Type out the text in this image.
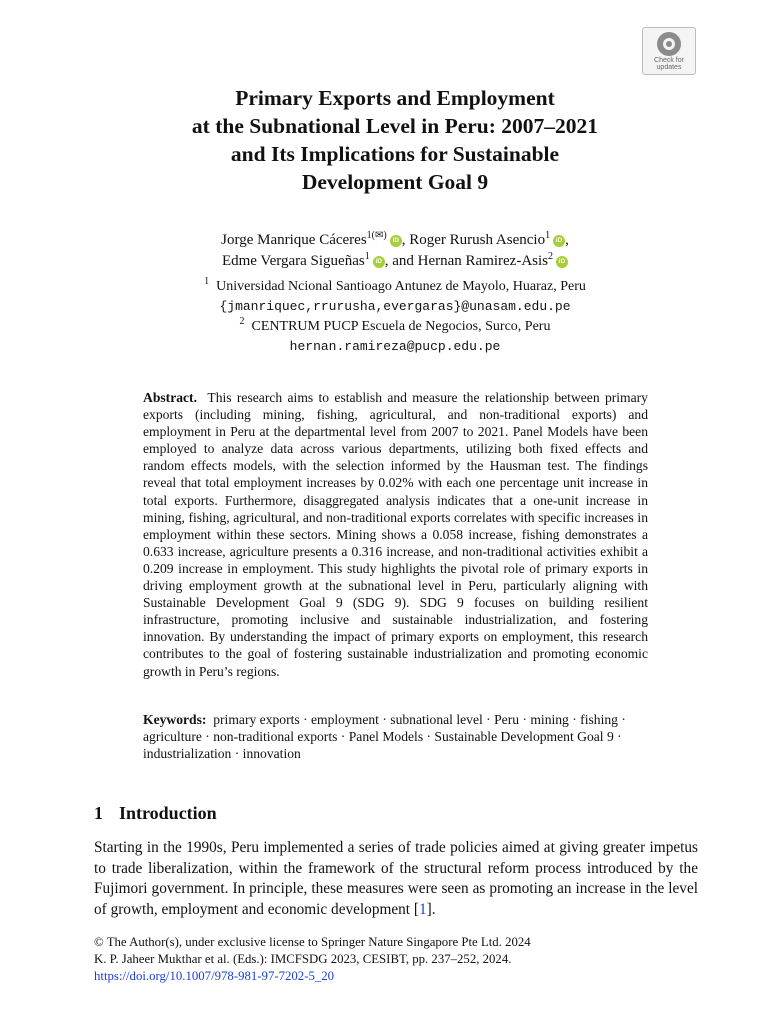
Check for
updates
Primary Exports and Employment
at the Subnational Level in Peru: 2007–2021
and Its Implications for Sustainable
Development Goal 9
Jorge Manrique Cáceres$^{1(✉)}$ iD , Roger Rurush Asencio$^1$ iD ,
Edme Vergara Sigueñas$^1$ iD , and Hernan Ramirez-Asis$^2$ iD
$^1$ Universidad Ncional Santioago Antunez de Mayolo, Huaraz, Peru
{jmanriquec,rrurusha,evergaras}@unasam.edu.pe
$^2$ CENTRUM PUCP Escuela de Negocios, Surco, Peru
hernan.ramireza@pucp.edu.pe

Abstract. This research aims to establish and measure the relationship between primary exports (including mining, fishing, agricultural, and non-traditional exports) and employment in Peru at the departmental level from 2007 to 2021. Panel Models have been employed to analyze data across various departments, utilizing both fixed effects and random effects models, with the selection informed by the Hausman test. The findings reveal that total employment increases by 0.02% with each one percentage unit increase in total exports. Furthermore, disaggregated analysis indicates that a one-unit increase in mining, fishing, agricultural, and non-traditional exports correlates with specific increases in employment within these sectors. Mining shows a 0.058 increase, fishing demonstrates a 0.633 increase, agriculture presents a 0.316 increase, and non-traditional activities exhibit a 0.209 increase in employment. This study highlights the pivotal role of primary exports in driving employment growth at the subnational level in Peru, particularly aligning with Sustainable Development Goal 9 (SDG 9). SDG 9 focuses on building resilient infrastructure, promoting inclusive and sustainable industrialization, and fostering innovation. By understanding the impact of primary exports on employment, this research contributes to the goal of fostering sustainable industrialization and promoting economic growth in Peru’s regions.

Keywords: primary exports · employment · subnational level · Peru · mining · fishing · agriculture · non-traditional exports · Panel Models · Sustainable Development Goal 9 · industrialization · innovation

1 Introduction

Starting in the 1990s, Peru implemented a series of trade policies aimed at giving greater impetus to trade liberalization, within the framework of the structural reform process introduced by the Fujimori government. In principle, these measures were seen as promoting an increase in the level of growth, employment and economic development [1].

© The Author(s), under exclusive license to Springer Nature Singapore Pte Ltd. 2024
K. P. Jaheer Mukthar et al. (Eds.): IMCFSDG 2023, CESIBT, pp. 237–252, 2024.
https://doi.org/10.1007/978-981-97-7202-5_20
